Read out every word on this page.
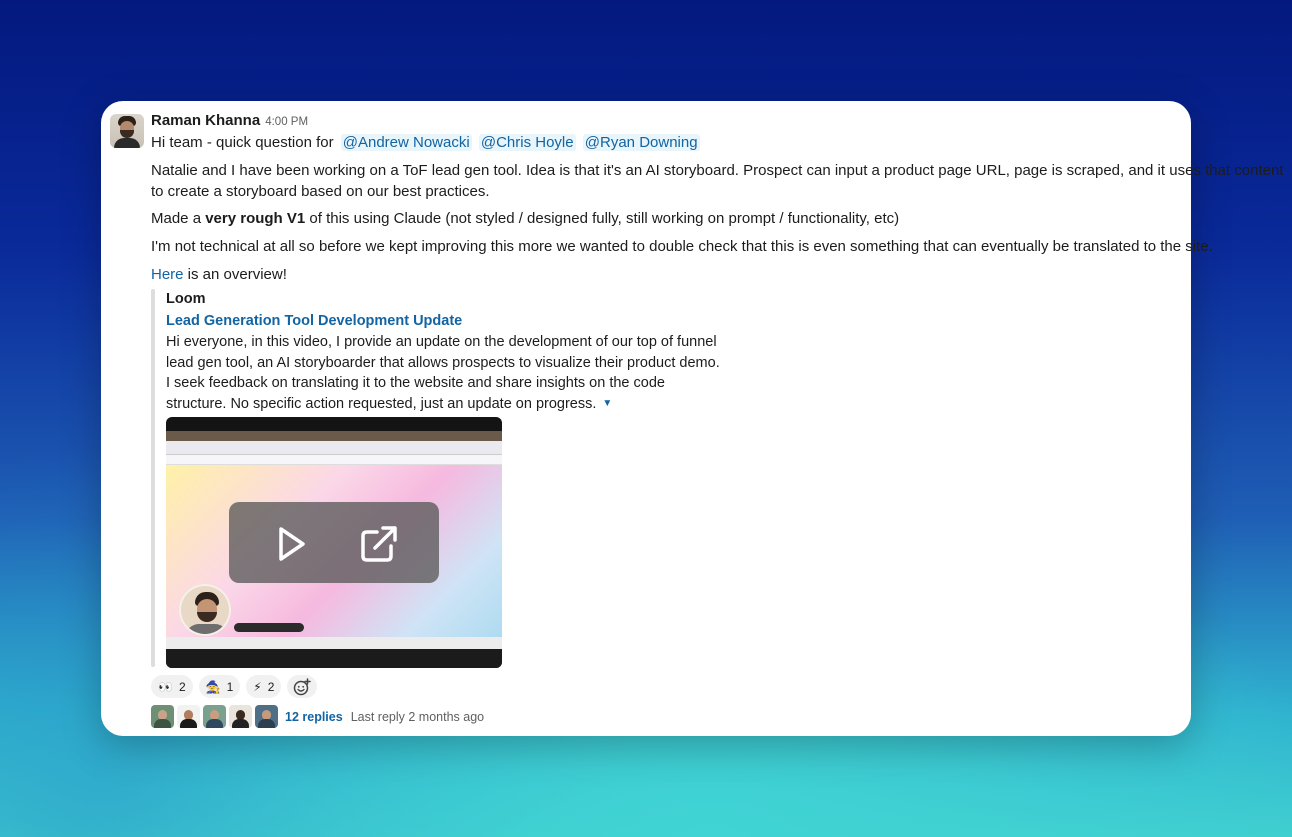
Raman Khanna 4:00 PM
Hi team - quick question for @Andrew Nowacki @Chris Hoyle @Ryan Downing
Natalie and I have been working on a ToF lead gen tool. Idea is that it's an AI storyboard. Prospect can input a product page URL, page is scraped, and it uses that content
to create a storyboard based on our best practices.
Made a very rough V1 of this using Claude (not styled / designed fully, still working on prompt / functionality, etc)
I'm not technical at all so before we kept improving this more we wanted to double check that this is even something that can eventually be translated to the site.
Here is an overview!
Loom
Lead Generation Tool Development Update
Hi everyone, in this video, I provide an update on the development of our top of funnel
lead gen tool, an AI storyboarder that allows prospects to visualize their product demo.
I seek feedback on translating it to the website and share insights on the code
structure. No specific action requested, just an update on progress. ▼
👀 2 🧙 1 ⚡ 2
12 replies Last reply 2 months ago
